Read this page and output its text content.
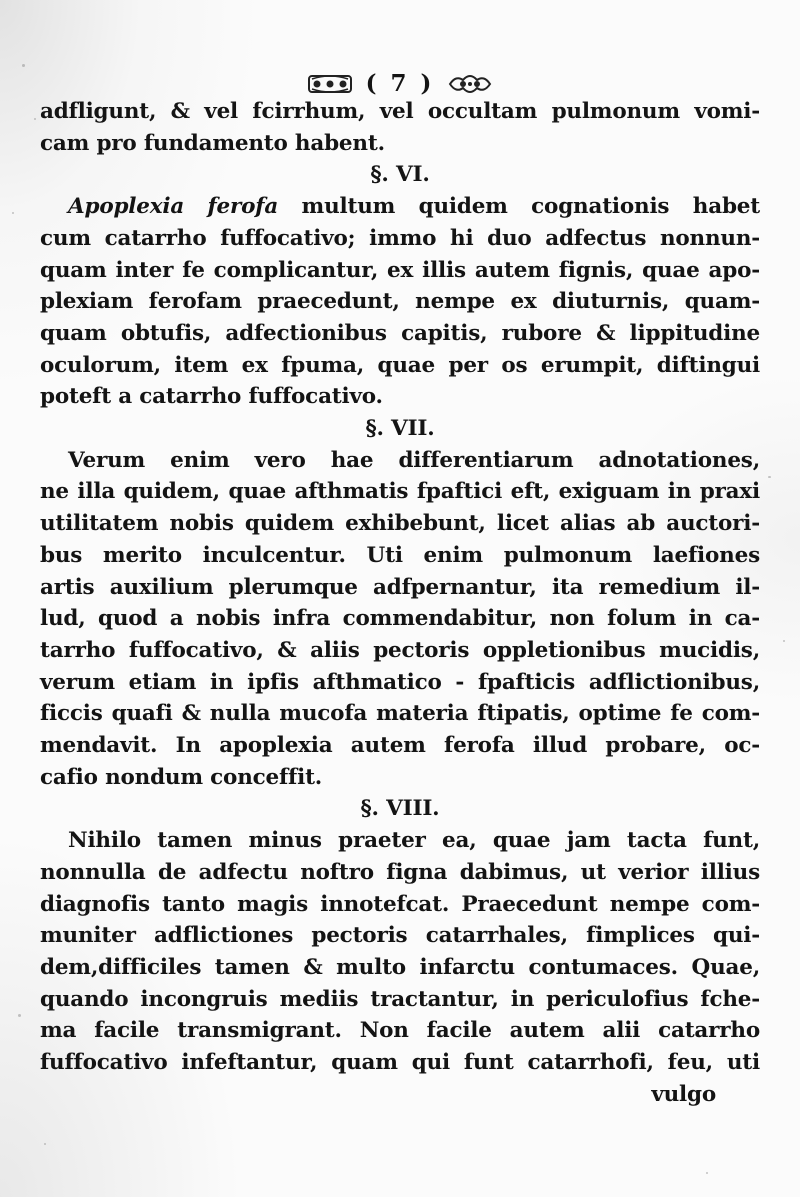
( 7 )

adfligunt, & vel fcirrhum, vel occultam pulmonum vomi-

cam pro fundamento habent.

§. VI.

Apoplexia ferofa multum quidem cognationis habet

cum catarrho fuffocativo; immo hi duo adfectus nonnun-

quam inter fe complicantur, ex illis autem fignis, quae apo-

plexiam ferofam praecedunt, nempe ex diuturnis, quam-

quam obtufis, adfectionibus capitis, rubore & lippitudine

oculorum, item ex fpuma, quae per os erumpit, diftingui

poteft a catarrho fuffocativo.

§. VII.

Verum enim vero hae differentiarum adnotationes,

ne illa quidem, quae afthmatis fpaftici eft, exiguam in praxi

utilitatem nobis quidem exhibebunt, licet alias ab auctori-

bus merito inculcentur. Uti enim pulmonum laefiones

artis auxilium plerumque adfpernantur, ita remedium il-

lud, quod a nobis infra commendabitur, non folum in ca-

tarrho fuffocativo, & aliis pectoris oppletionibus mucidis,

verum etiam in ipfis afthmatico - fpafticis adflictionibus,

ficcis quafi & nulla mucofa materia ftipatis, optime fe com-

mendavit. In apoplexia autem ferofa illud probare, oc-

cafio nondum conceffit.

§. VIII.

Nihilo tamen minus praeter ea, quae jam tacta funt,

nonnulla de adfectu noftro figna dabimus, ut verior illius

diagnofis tanto magis innotefcat. Praecedunt nempe com-

muniter adflictiones pectoris catarrhales, fimplices qui-

dem,difficiles tamen & multo infarctu contumaces. Quae,

quando incongruis mediis tractantur, in periculofius fche-

ma facile transmigrant. Non facile autem alii catarrho

fuffocativo infeftantur, quam qui funt catarrhofi, feu, uti

vulgo
